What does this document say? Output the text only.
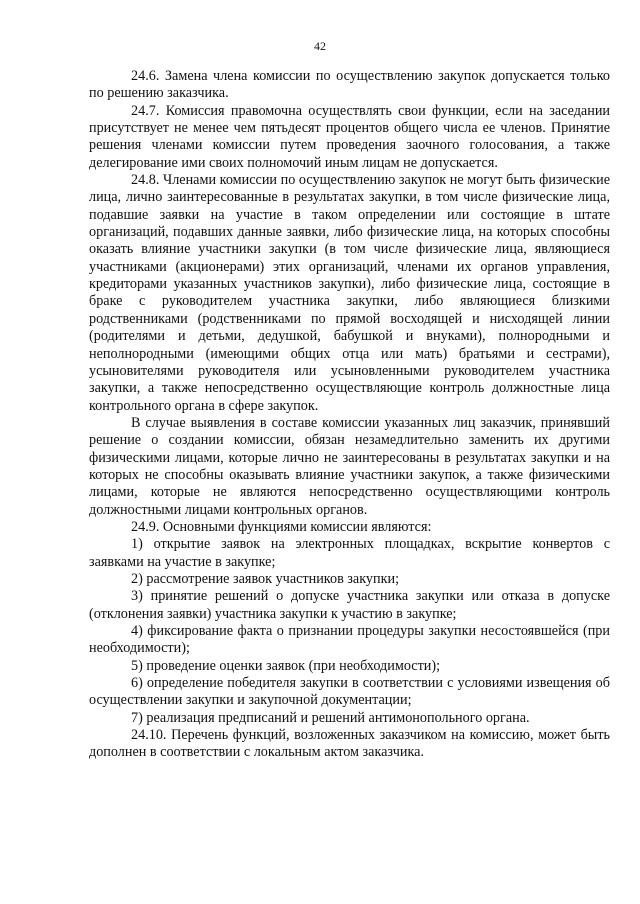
42

24.6. Замена члена комиссии по осуществлению закупок допускается только по решению заказчика.

24.7. Комиссия правомочна осуществлять свои функции, если на заседании присутствует не менее чем пятьдесят процентов общего числа ее членов. Принятие решения членами комиссии путем проведения заочного голосования, а также делегирование ими своих полномочий иным лицам не допускается.

24.8. Членами комиссии по осуществлению закупок не могут быть физические лица, лично заинтересованные в результатах закупки, в том числе физические лица, подавшие заявки на участие в таком определении или состоящие в штате организаций, подавших данные заявки, либо физические лица, на которых способны оказать влияние участники закупки (в том числе физические лица, являющиеся участниками (акционерами) этих организаций, членами их органов управления, кредиторами указанных участников закупки), либо физические лица, состоящие в браке с руководителем участника закупки, либо являющиеся близкими родственниками (родственниками по прямой восходящей и нисходящей линии (родителями и детьми, дедушкой, бабушкой и внуками), полнородными и неполнородными (имеющими общих отца или мать) братьями и сестрами), усыновителями руководителя или усыновленными руководителем участника закупки, а также непосредственно осуществляющие контроль должностные лица контрольного органа в сфере закупок.

В случае выявления в составе комиссии указанных лиц заказчик, принявший решение о создании комиссии, обязан незамедлительно заменить их другими физическими лицами, которые лично не заинтересованы в результатах закупки и на которых не способны оказывать влияние участники закупок, а также физическими лицами, которые не являются непосредственно осуществляющими контроль должностными лицами контрольных органов.

24.9. Основными функциями комиссии являются:

1) открытие заявок на электронных площадках, вскрытие конвертов с заявками на участие в закупке;

2) рассмотрение заявок участников закупки;

3) принятие решений о допуске участника закупки или отказа в допуске (отклонения заявки) участника закупки к участию в закупке;

4) фиксирование факта о признании процедуры закупки несостоявшейся (при необходимости);

5) проведение оценки заявок (при необходимости);

6) определение победителя закупки в соответствии с условиями извещения об осуществлении закупки и закупочной документации;

7) реализация предписаний и решений антимонопольного органа.

24.10. Перечень функций, возложенных заказчиком на комиссию, может быть дополнен в соответствии с локальным актом заказчика.
